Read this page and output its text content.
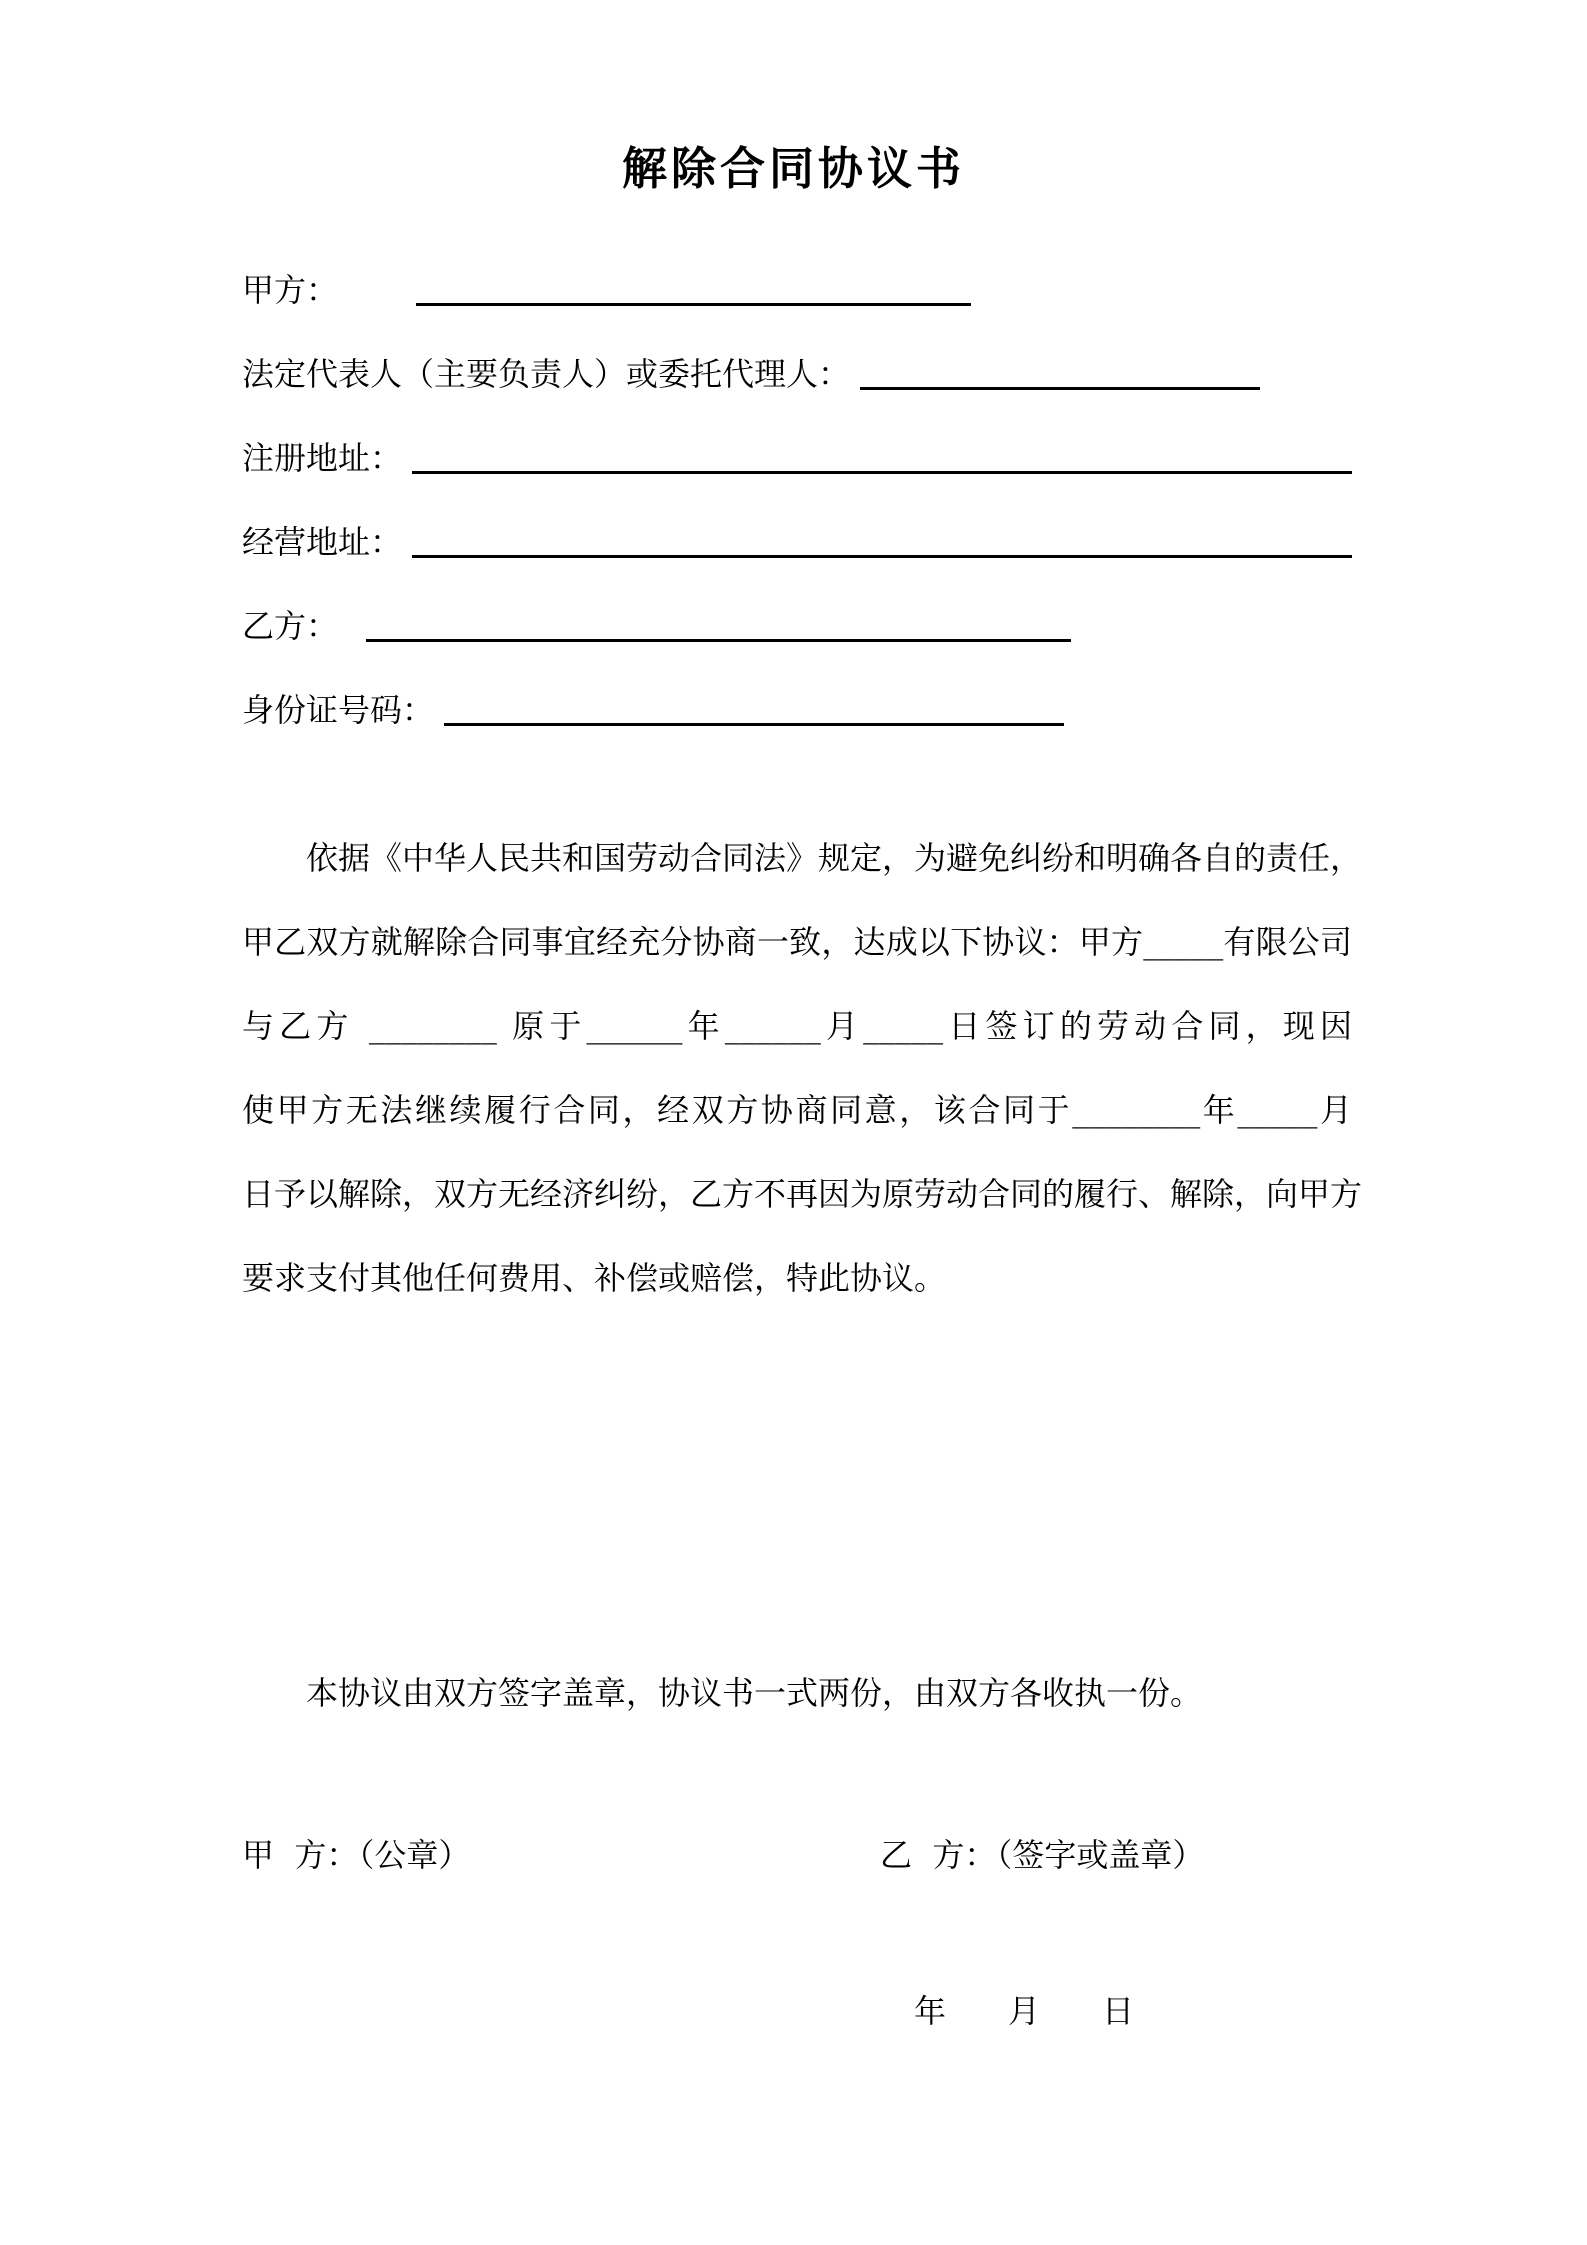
解除合同协议书
甲方：
法定代表人（主要负责人）或委托代理人：
注册地址：
经营地址：
乙方：
身份证号码：
依据《中华人民共和国劳动合同法》规定，为避免纠纷和明确各自的责任，
甲乙双方就解除合同事宜经充分协商一致，达成以下协议：甲方_____有限公司
与乙方 ________ 原于______年______月_____日签订的劳动合同，现因
使甲方无法继续履行合同，经双方协商同意，该合同于________年_____月
日予以解除，双方无经济纠纷，乙方不再因为原劳动合同的履行、解除，向甲方
要求支付其他任何费用、补偿或赔偿，特此协议。
本协议由双方签字盖章，协议书一式两份，由双方各收执一份。
甲  方：（公章）	乙  方：（签字或盖章）
年 月 日
